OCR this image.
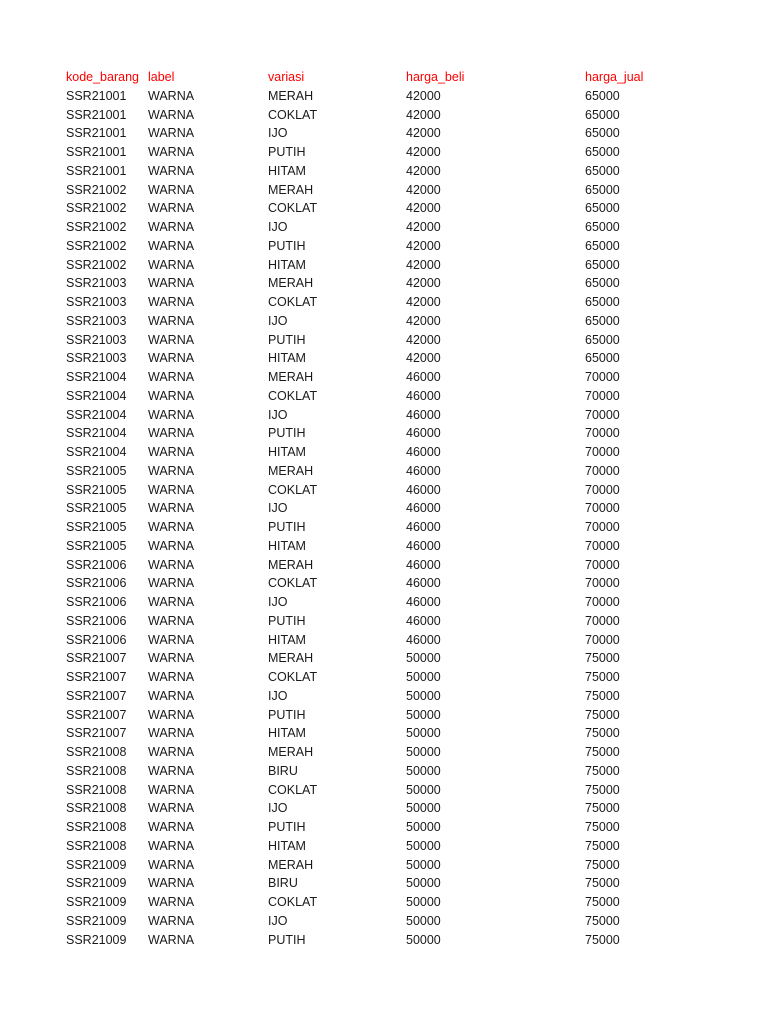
kode_barang label	variasi	harga_beli	harga_jual
SSR21001 WARNA	MERAH	42000	65000
SSR21001 WARNA	COKLAT	42000	65000
SSR21001 WARNA	IJO	42000	65000
SSR21001 WARNA	PUTIH	42000	65000
SSR21001 WARNA	HITAM	42000	65000
SSR21002 WARNA	MERAH	42000	65000
SSR21002 WARNA	COKLAT	42000	65000
SSR21002 WARNA	IJO	42000	65000
SSR21002 WARNA	PUTIH	42000	65000
SSR21002 WARNA	HITAM	42000	65000
SSR21003 WARNA	MERAH	42000	65000
SSR21003 WARNA	COKLAT	42000	65000
SSR21003 WARNA	IJO	42000	65000
SSR21003 WARNA	PUTIH	42000	65000
SSR21003 WARNA	HITAM	42000	65000
SSR21004 WARNA	MERAH	46000	70000
SSR21004 WARNA	COKLAT	46000	70000
SSR21004 WARNA	IJO	46000	70000
SSR21004 WARNA	PUTIH	46000	70000
SSR21004 WARNA	HITAM	46000	70000
SSR21005 WARNA	MERAH	46000	70000
SSR21005 WARNA	COKLAT	46000	70000
SSR21005 WARNA	IJO	46000	70000
SSR21005 WARNA	PUTIH	46000	70000
SSR21005 WARNA	HITAM	46000	70000
SSR21006 WARNA	MERAH	46000	70000
SSR21006 WARNA	COKLAT	46000	70000
SSR21006 WARNA	IJO	46000	70000
SSR21006 WARNA	PUTIH	46000	70000
SSR21006 WARNA	HITAM	46000	70000
SSR21007 WARNA	MERAH	50000	75000
SSR21007 WARNA	COKLAT	50000	75000
SSR21007 WARNA	IJO	50000	75000
SSR21007 WARNA	PUTIH	50000	75000
SSR21007 WARNA	HITAM	50000	75000
SSR21008 WARNA	MERAH	50000	75000
SSR21008 WARNA	BIRU	50000	75000
SSR21008 WARNA	COKLAT	50000	75000
SSR21008 WARNA	IJO	50000	75000
SSR21008 WARNA	PUTIH	50000	75000
SSR21008 WARNA	HITAM	50000	75000
SSR21009 WARNA	MERAH	50000	75000
SSR21009 WARNA	BIRU	50000	75000
SSR21009 WARNA	COKLAT	50000	75000
SSR21009 WARNA	IJO	50000	75000
SSR21009 WARNA	PUTIH	50000	75000
